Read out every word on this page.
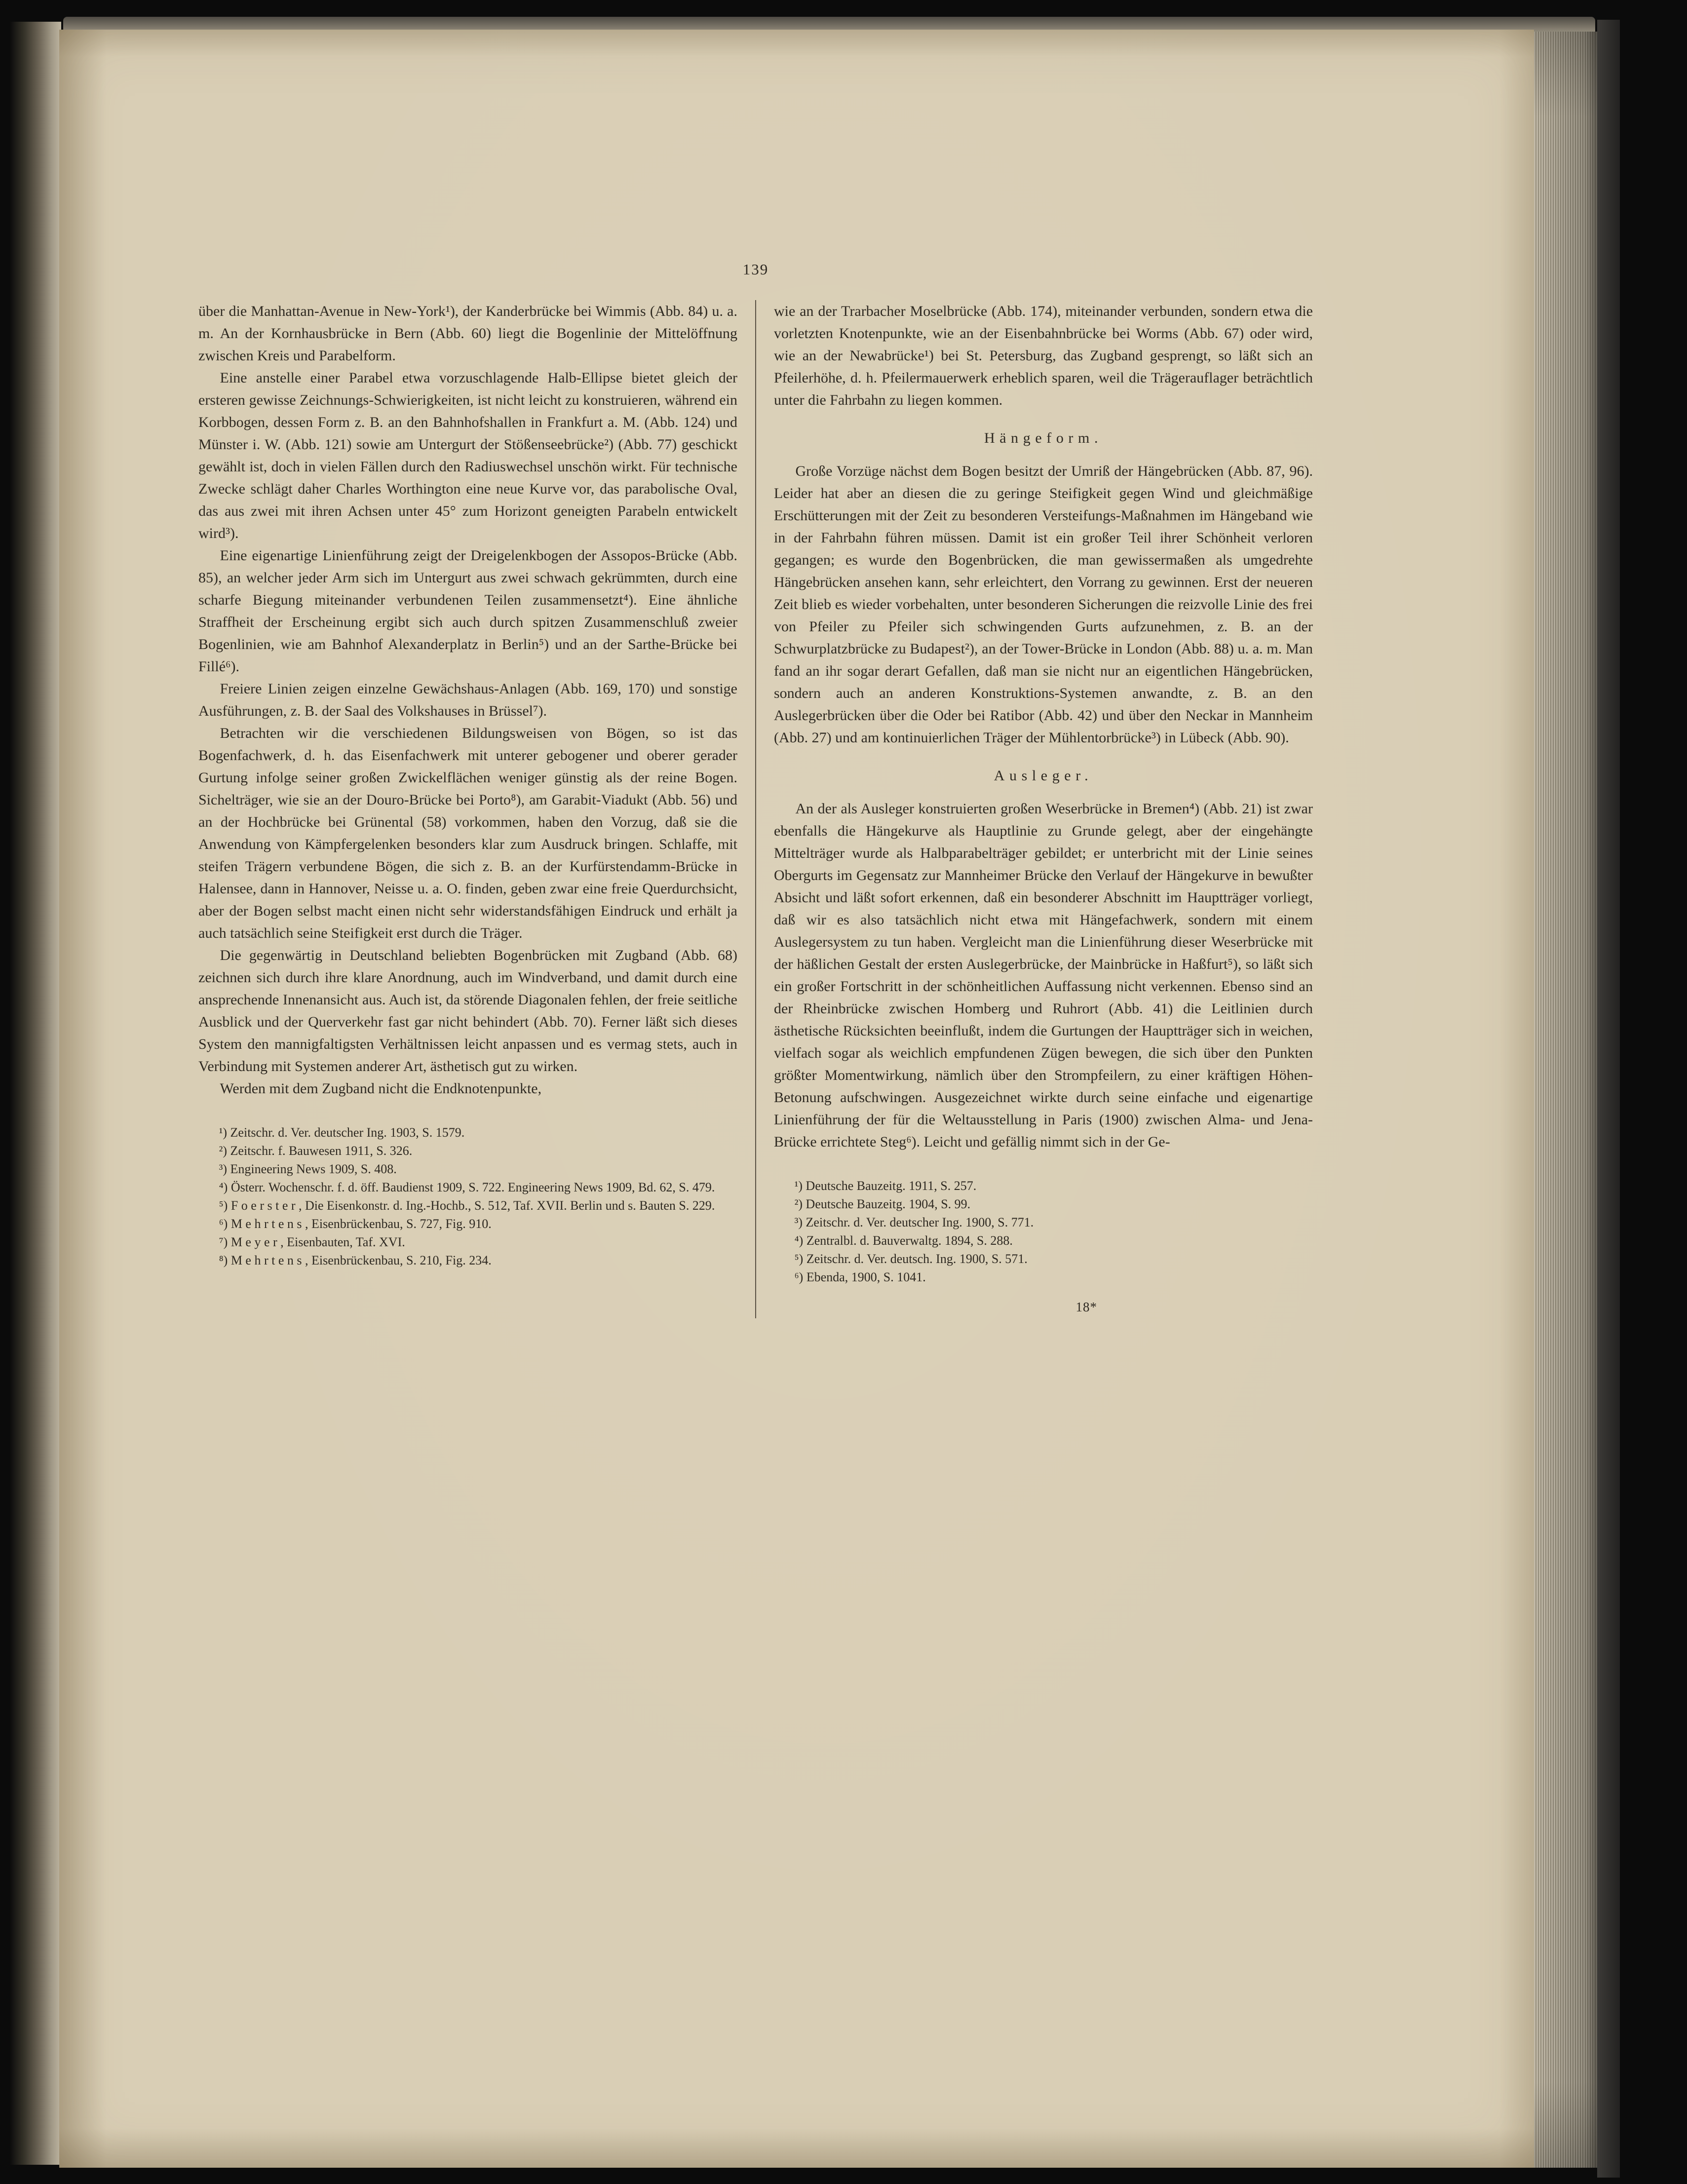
139

über die Manhattan-Avenue in New-York¹), der Kanderbrücke bei Wimmis (Abb. 84) u. a. m. An der Kornhausbrücke in Bern (Abb. 60) liegt die Bogenlinie der Mittelöffnung zwischen Kreis und Parabelform.

Eine anstelle einer Parabel etwa vorzuschlagende Halb-Ellipse bietet gleich der ersteren gewisse Zeichnungs-Schwierigkeiten, ist nicht leicht zu konstruieren, während ein Korbbogen, dessen Form z. B. an den Bahnhofshallen in Frankfurt a. M. (Abb. 124) und Münster i. W. (Abb. 121) sowie am Untergurt der Stößenseebrücke²) (Abb. 77) geschickt gewählt ist, doch in vielen Fällen durch den Radiuswechsel unschön wirkt. Für technische Zwecke schlägt daher Charles Worthington eine neue Kurve vor, das parabolische Oval, das aus zwei mit ihren Achsen unter 45° zum Horizont geneigten Parabeln entwickelt wird³).

Eine eigenartige Linienführung zeigt der Dreigelenkbogen der Assopos-Brücke (Abb. 85), an welcher jeder Arm sich im Untergurt aus zwei schwach gekrümmten, durch eine scharfe Biegung miteinander verbundenen Teilen zusammensetzt⁴). Eine ähnliche Straffheit der Erscheinung ergibt sich auch durch spitzen Zusammenschluß zweier Bogenlinien, wie am Bahnhof Alexanderplatz in Berlin⁵) und an der Sarthe-Brücke bei Fillé⁶).

Freiere Linien zeigen einzelne Gewächshaus-Anlagen (Abb. 169, 170) und sonstige Ausführungen, z. B. der Saal des Volkshauses in Brüssel⁷).

Betrachten wir die verschiedenen Bildungsweisen von Bögen, so ist das Bogenfachwerk, d. h. das Eisenfachwerk mit unterer gebogener und oberer gerader Gurtung infolge seiner großen Zwickelflächen weniger günstig als der reine Bogen. Sichelträger, wie sie an der Douro-Brücke bei Porto⁸), am Garabit-Viadukt (Abb. 56) und an der Hochbrücke bei Grünental (58) vorkommen, haben den Vorzug, daß sie die Anwendung von Kämpfergelenken besonders klar zum Ausdruck bringen. Schlaffe, mit steifen Trägern verbundene Bögen, die sich z. B. an der Kurfürstendamm-Brücke in Halensee, dann in Hannover, Neisse u. a. O. finden, geben zwar eine freie Querdurchsicht, aber der Bogen selbst macht einen nicht sehr widerstandsfähigen Eindruck und erhält ja auch tatsächlich seine Steifigkeit erst durch die Träger.

Die gegenwärtig in Deutschland beliebten Bogenbrücken mit Zugband (Abb. 68) zeichnen sich durch ihre klare Anordnung, auch im Windverband, und damit durch eine ansprechende Innenansicht aus. Auch ist, da störende Diagonalen fehlen, der freie seitliche Ausblick und der Querverkehr fast gar nicht behindert (Abb. 70). Ferner läßt sich dieses System den mannigfaltigsten Verhältnissen leicht anpassen und es vermag stets, auch in Verbindung mit Systemen anderer Art, ästhetisch gut zu wirken.

Werden mit dem Zugband nicht die Endknotenpunkte,

¹) Zeitschr. d. Ver. deutscher Ing. 1903, S. 1579.

²) Zeitschr. f. Bauwesen 1911, S. 326.

³) Engineering News 1909, S. 408.

⁴) Österr. Wochenschr. f. d. öff. Baudienst 1909, S. 722. Engineering News 1909, Bd. 62, S. 479.

⁵) F o e r s t e r , Die Eisenkonstr. d. Ing.-Hochb., S. 512, Taf. XVII. Berlin und s. Bauten S. 229.

⁶) M e h r t e n s , Eisenbrückenbau, S. 727, Fig. 910.

⁷) M e y e r , Eisenbauten, Taf. XVI.

⁸) M e h r t e n s , Eisenbrückenbau, S. 210, Fig. 234.

wie an der Trarbacher Moselbrücke (Abb. 174), miteinander verbunden, sondern etwa die vorletzten Knotenpunkte, wie an der Eisenbahnbrücke bei Worms (Abb. 67) oder wird, wie an der Newabrücke¹) bei St. Petersburg, das Zugband gesprengt, so läßt sich an Pfeilerhöhe, d. h. Pfeilermauerwerk erheblich sparen, weil die Trägerauflager beträchtlich unter die Fahrbahn zu liegen kommen.

Hängeform.

Große Vorzüge nächst dem Bogen besitzt der Umriß der Hängebrücken (Abb. 87, 96). Leider hat aber an diesen die zu geringe Steifigkeit gegen Wind und gleichmäßige Erschütterungen mit der Zeit zu besonderen Versteifungs-Maßnahmen im Hängeband wie in der Fahrbahn führen müssen. Damit ist ein großer Teil ihrer Schönheit verloren gegangen; es wurde den Bogenbrücken, die man gewissermaßen als umgedrehte Hängebrücken ansehen kann, sehr erleichtert, den Vorrang zu gewinnen. Erst der neueren Zeit blieb es wieder vorbehalten, unter besonderen Sicherungen die reizvolle Linie des frei von Pfeiler zu Pfeiler sich schwingenden Gurts aufzunehmen, z. B. an der Schwurplatzbrücke zu Budapest²), an der Tower-Brücke in London (Abb. 88) u. a. m. Man fand an ihr sogar derart Gefallen, daß man sie nicht nur an eigentlichen Hängebrücken, sondern auch an anderen Konstruktions-Systemen anwandte, z. B. an den Auslegerbrücken über die Oder bei Ratibor (Abb. 42) und über den Neckar in Mannheim (Abb. 27) und am kontinuierlichen Träger der Mühlentorbrücke³) in Lübeck (Abb. 90).

Ausleger.

An der als Ausleger konstruierten großen Weserbrücke in Bremen⁴) (Abb. 21) ist zwar ebenfalls die Hängekurve als Hauptlinie zu Grunde gelegt, aber der eingehängte Mittelträger wurde als Halbparabelträger gebildet; er unterbricht mit der Linie seines Obergurts im Gegensatz zur Mannheimer Brücke den Verlauf der Hängekurve in bewußter Absicht und läßt sofort erkennen, daß ein besonderer Abschnitt im Hauptträger vorliegt, daß wir es also tatsächlich nicht etwa mit Hängefachwerk, sondern mit einem Auslegersystem zu tun haben. Vergleicht man die Linienführung dieser Weserbrücke mit der häßlichen Gestalt der ersten Auslegerbrücke, der Mainbrücke in Haßfurt⁵), so läßt sich ein großer Fortschritt in der schönheitlichen Auffassung nicht verkennen. Ebenso sind an der Rheinbrücke zwischen Homberg und Ruhrort (Abb. 41) die Leitlinien durch ästhetische Rücksichten beeinflußt, indem die Gurtungen der Hauptträger sich in weichen, vielfach sogar als weichlich empfundenen Zügen bewegen, die sich über den Punkten größter Momentwirkung, nämlich über den Strompfeilern, zu einer kräftigen Höhen-Betonung aufschwingen. Ausgezeichnet wirkte durch seine einfache und eigenartige Linienführung der für die Weltausstellung in Paris (1900) zwischen Alma- und Jena-Brücke errichtete Steg⁶). Leicht und gefällig nimmt sich in der Ge-

¹) Deutsche Bauzeitg. 1911, S. 257.

²) Deutsche Bauzeitg. 1904, S. 99.

³) Zeitschr. d. Ver. deutscher Ing. 1900, S. 771.

⁴) Zentralbl. d. Bauverwaltg. 1894, S. 288.

⁵) Zeitschr. d. Ver. deutsch. Ing. 1900, S. 571.

⁶) Ebenda, 1900, S. 1041.

18*
